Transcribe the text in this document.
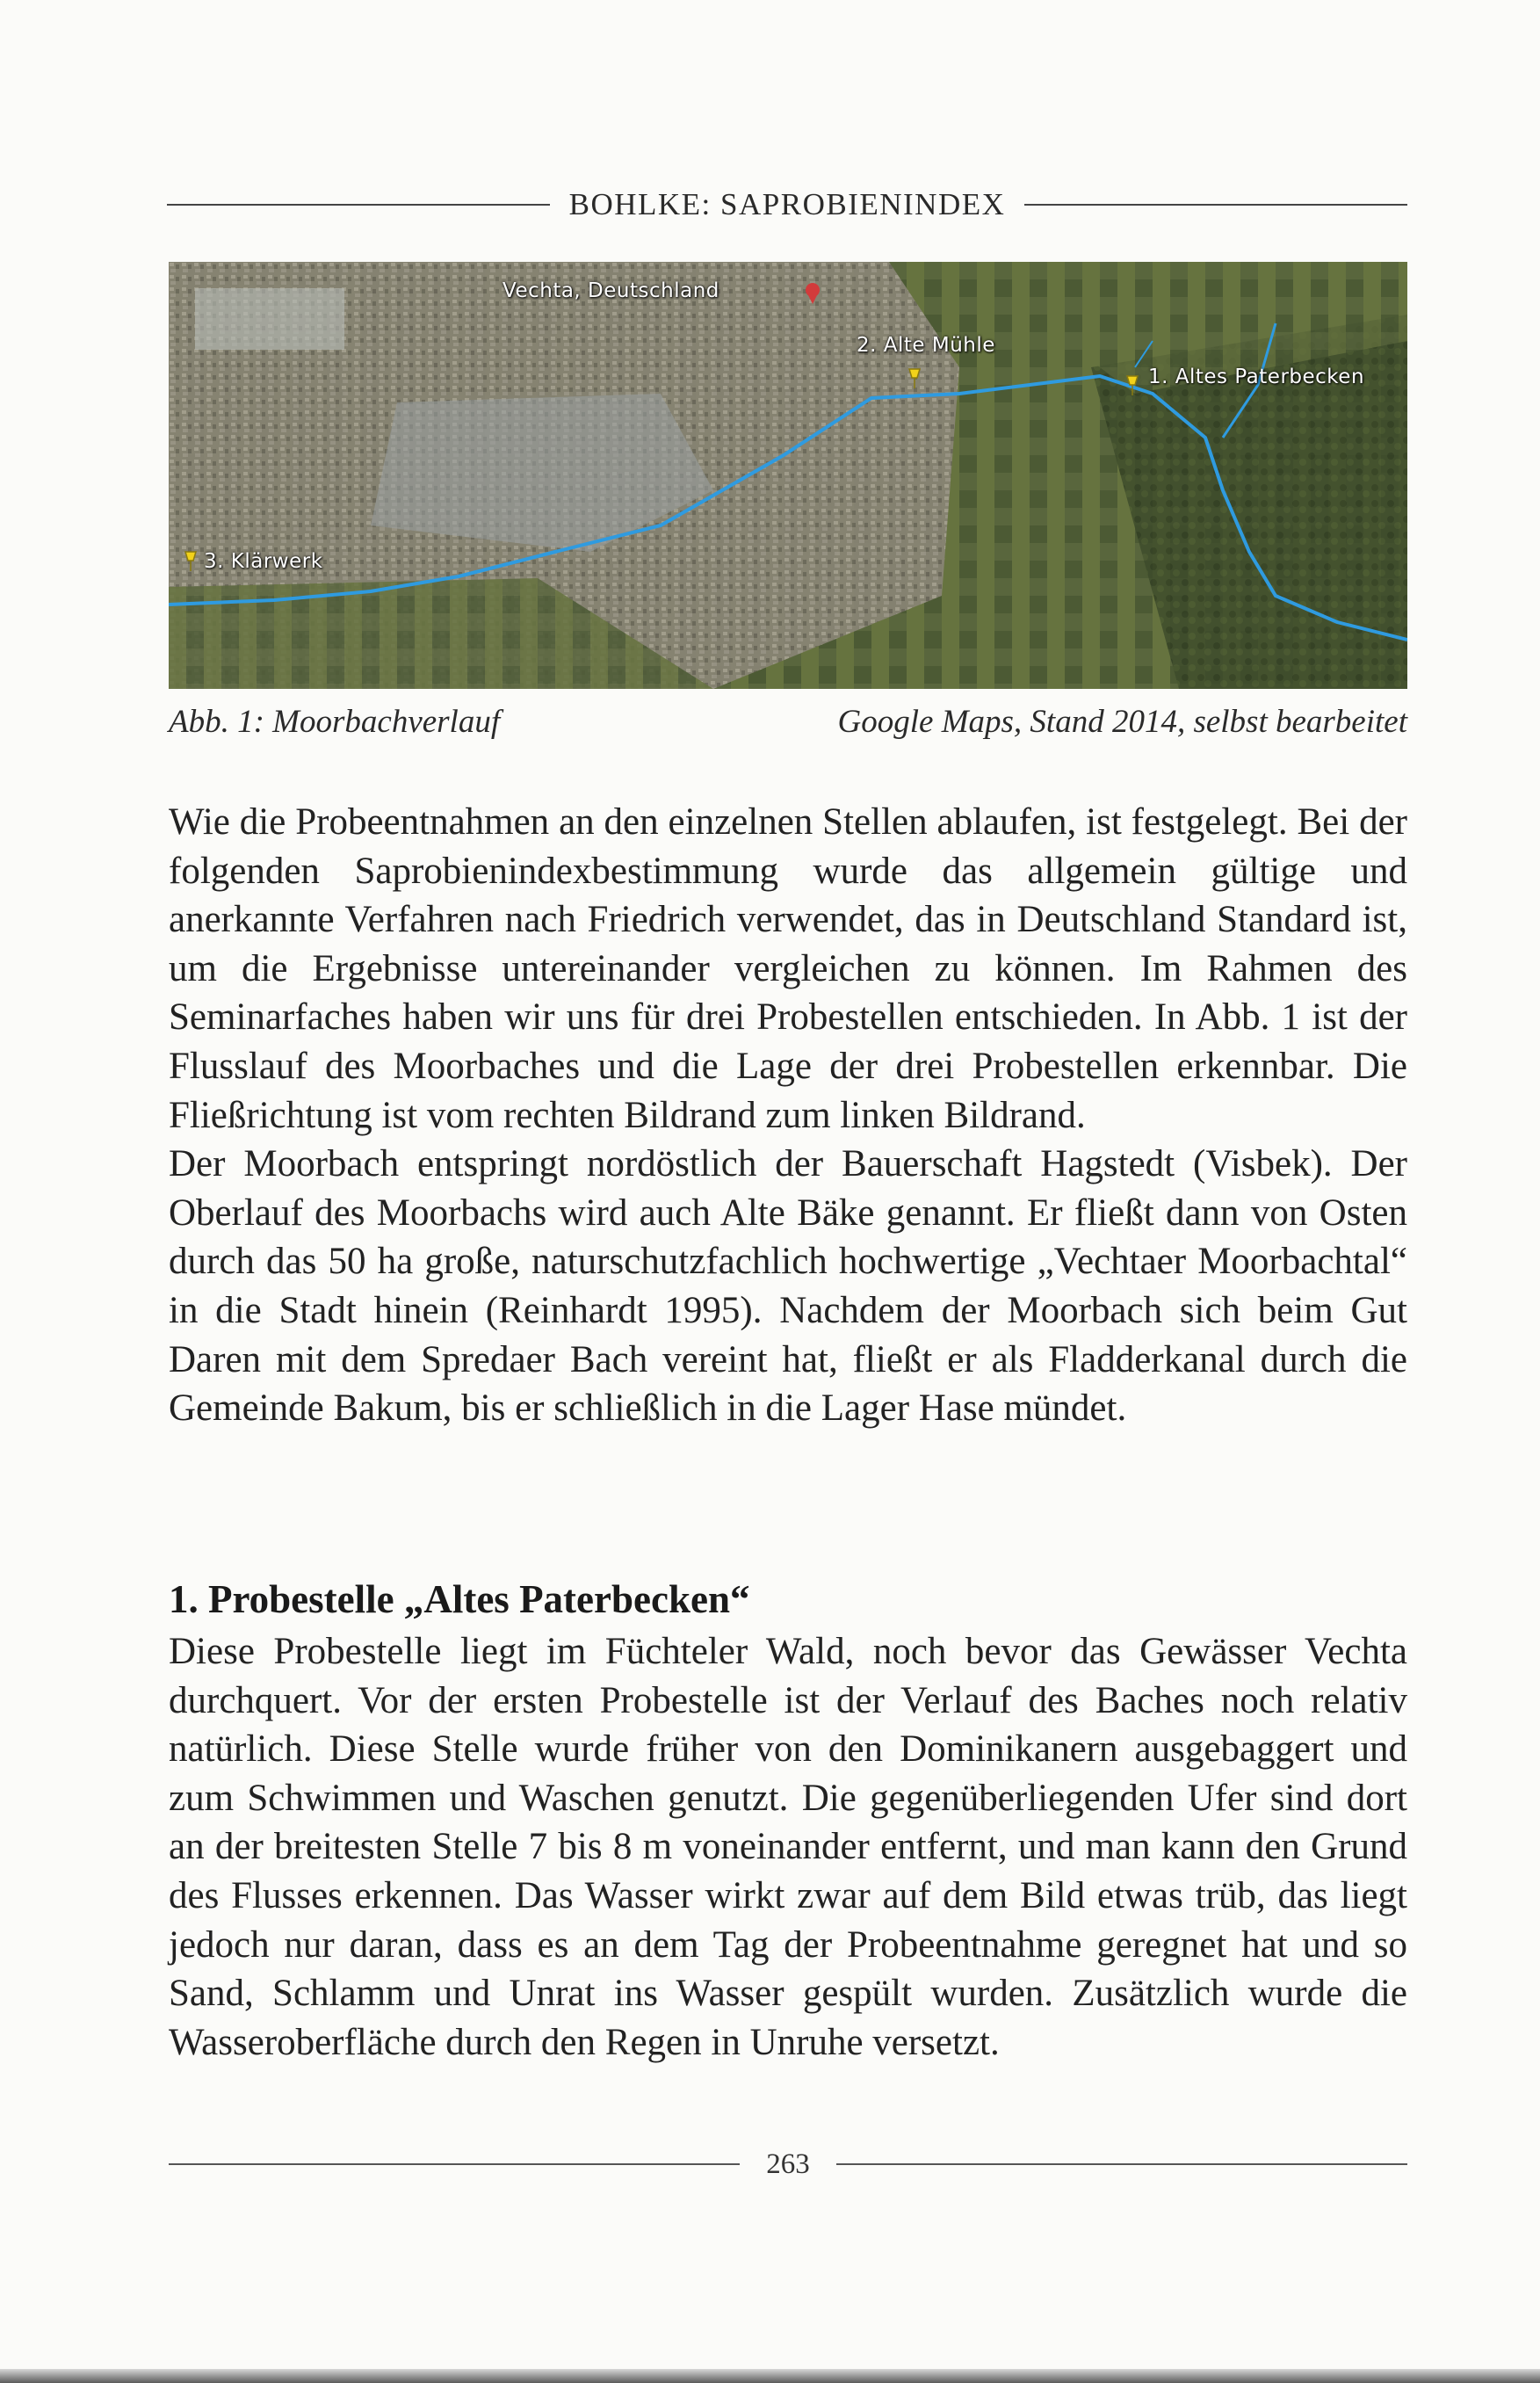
BOHLKE: SAPROBIENINDEX
Vechta, Deutschland
2. Alte Mühle
1. Altes Paterbecken
3. Klärwerk
Abb. 1: Moorbachverlauf	Google Maps, Stand 2014, selbst bearbeitet

Wie die Probeentnahmen an den einzelnen Stellen ablaufen, ist festgelegt. Bei der folgenden Saprobienindexbestimmung wurde das allgemein gültige und anerkannte Verfahren nach Friedrich verwendet, das in Deutschland Standard ist, um die Ergebnisse untereinander vergleichen zu können. Im Rahmen des Seminarfaches haben wir uns für drei Probestellen entschieden. In Abb. 1 ist der Flusslauf des Moorbaches und die Lage der drei Probestellen erkennbar. Die Fließrichtung ist vom rechten Bildrand zum linken Bildrand.

Der Moorbach entspringt nordöstlich der Bauerschaft Hagstedt (Visbek). Der Oberlauf des Moorbachs wird auch Alte Bäke genannt. Er fließt dann von Osten durch das 50 ha große, naturschutzfachlich hochwertige „Vechtaer Moorbachtal“ in die Stadt hinein (Reinhardt 1995). Nachdem der Moorbach sich beim Gut Daren mit dem Spredaer Bach vereint hat, fließt er als Fladderkanal durch die Gemeinde Bakum, bis er schließlich in die Lager Hase mündet.

1. Probestelle „Altes Paterbecken“

Diese Probestelle liegt im Füchteler Wald, noch bevor das Gewässer Vechta durchquert. Vor der ersten Probestelle ist der Verlauf des Baches noch relativ natürlich. Diese Stelle wurde früher von den Dominikanern ausgebaggert und zum Schwimmen und Waschen genutzt. Die gegenüberliegenden Ufer sind dort an der breitesten Stelle 7 bis 8 m voneinander entfernt, und man kann den Grund des Flusses erkennen. Das Wasser wirkt zwar auf dem Bild etwas trüb, das liegt jedoch nur daran, dass es an dem Tag der Probeentnahme geregnet hat und so Sand, Schlamm und Unrat ins Wasser gespült wurden. Zusätzlich wurde die Wasseroberfläche durch den Regen in Unruhe versetzt.

263
